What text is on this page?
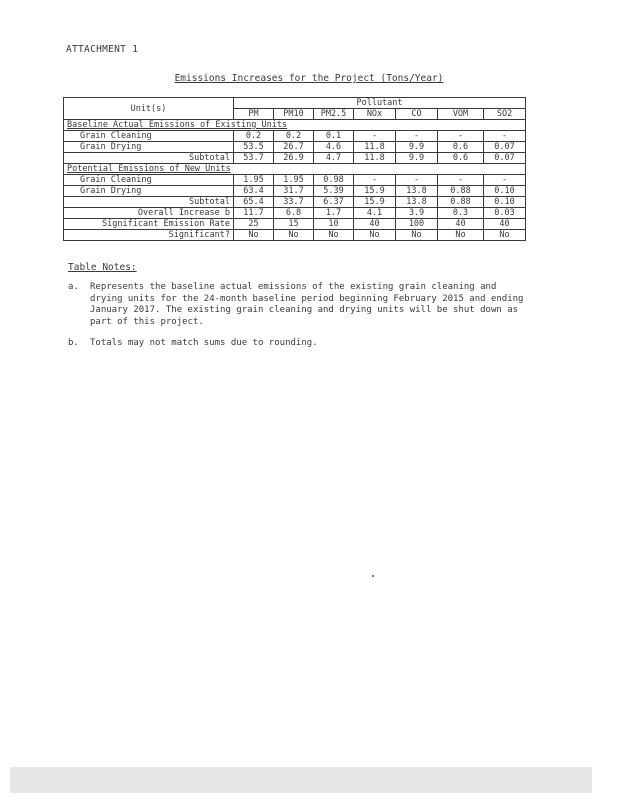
ATTACHMENT 1
Emissions Increases for the Project (Tons/Year)
Unit(s)	Pollutant						
	PM	PM10	PM2.5	NOx	CO	VOM	SO2
Baseline Actual Emissions of Existing Units							
Grain Cleaning	0.2	0.2	0.1	-	-	-	-
Grain Drying	53.5	26.7	4.6	11.8	9.9	0.6	0.07
Subtotal	53.7	26.9	4.7	11.8	9.9	0.6	0.07
Potential Emissions of New Units							
Grain Cleaning	1.95	1.95	0.98	-	-	-	-
Grain Drying	63.4	31.7	5.39	15.9	13.8	0.88	0.10
Subtotal	65.4	33.7	6.37	15.9	13.8	0.88	0.10
Overall Increase b	11.7	6.8	1.7	4.1	3.9	0.3	0.03
Significant Emission Rate	25	15	10	40	100	40	40
Significant?	No	No	No	No	No	No	No
Table Notes:
a.	Represents the baseline actual emissions of the existing grain cleaning and drying units for the 24-month baseline period beginning February 2015 and ending January 2017. The existing grain cleaning and drying units will be shut down as part of this project.
b.	Totals may not match sums due to rounding.
